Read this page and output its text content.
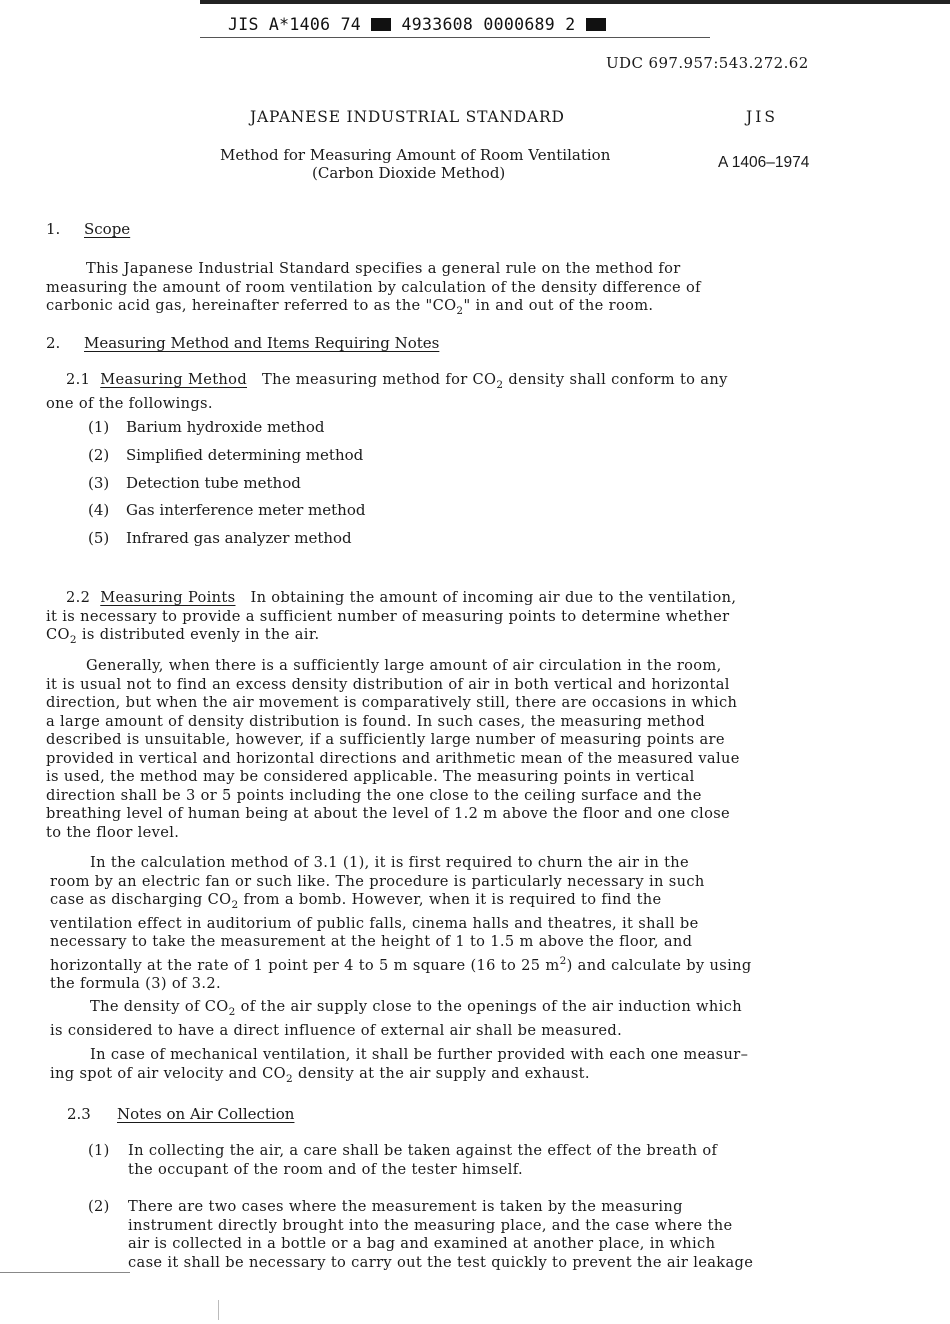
JIS A*1406 74  4933608 0000689 2
UDC 697.957:543.272.62
JAPANESE INDUSTRIAL STANDARD	JIS
Method for Measuring Amount of Room Ventilation
(Carbon Dioxide Method)
A 1406–1974
1. Scope
This Japanese Industrial Standard specifies a general rule on the method for
measuring the amount of room ventilation by calculation of the density difference of
carbonic acid gas, hereinafter referred to as the "$CO_2$" in and out of the room.
2. Measuring Method and Items Requiring Notes
2.1 Measuring Method The measuring method for $CO_2$ density shall conform to any
one of the followings.
(1) Barium hydroxide method
(2) Simplified determining method
(3) Detection tube method
(4) Gas interference meter method
(5) Infrared gas analyzer method
2.2 Measuring Points In obtaining the amount of incoming air due to the ventilation,
it is necessary to provide a sufficient number of measuring points to determine whether
$CO_2$ is distributed evenly in the air.
Generally, when there is a sufficiently large amount of air circulation in the room,
it is usual not to find an excess density distribution of air in both vertical and horizontal
direction, but when the air movement is comparatively still, there are occasions in which
a large amount of density distribution is found. In such cases, the measuring method
described is unsuitable, however, if a sufficiently large number of measuring points are
provided in vertical and horizontal directions and arithmetic mean of the measured value
is used, the method may be considered applicable. The measuring points in vertical
direction shall be 3 or 5 points including the one close to the ceiling surface and the
breathing level of human being at about the level of 1.2 m above the floor and one close
to the floor level.
In the calculation method of 3.1 (1), it is first required to churn the air in the
room by an electric fan or such like. The procedure is particularly necessary in such
case as discharging $CO_2$ from a bomb. However, when it is required to find the
ventilation effect in auditorium of public falls, cinema halls and theatres, it shall be
necessary to take the measurement at the height of 1 to 1.5 m above the floor, and
horizontally at the rate of 1 point per 4 to 5 m square (16 to 25 $m^2$) and calculate by using
the formula (3) of 3.2.
The density of $CO_2$ of the air supply close to the openings of the air induction which
is considered to have a direct influence of external air shall be measured.
In case of mechanical ventilation, it shall be further provided with each one measur–
ing spot of air velocity and $CO_2$ density at the air supply and exhaust.
2.3 Notes on Air Collection
(1) In collecting the air, a care shall be taken against the effect of the breath of
the occupant of the room and of the tester himself.
(2) There are two cases where the measurement is taken by the measuring
instrument directly brought into the measuring place, and the case where the
air is collected in a bottle or a bag and examined at another place, in which
case it shall be necessary to carry out the test quickly to prevent the air leakage
